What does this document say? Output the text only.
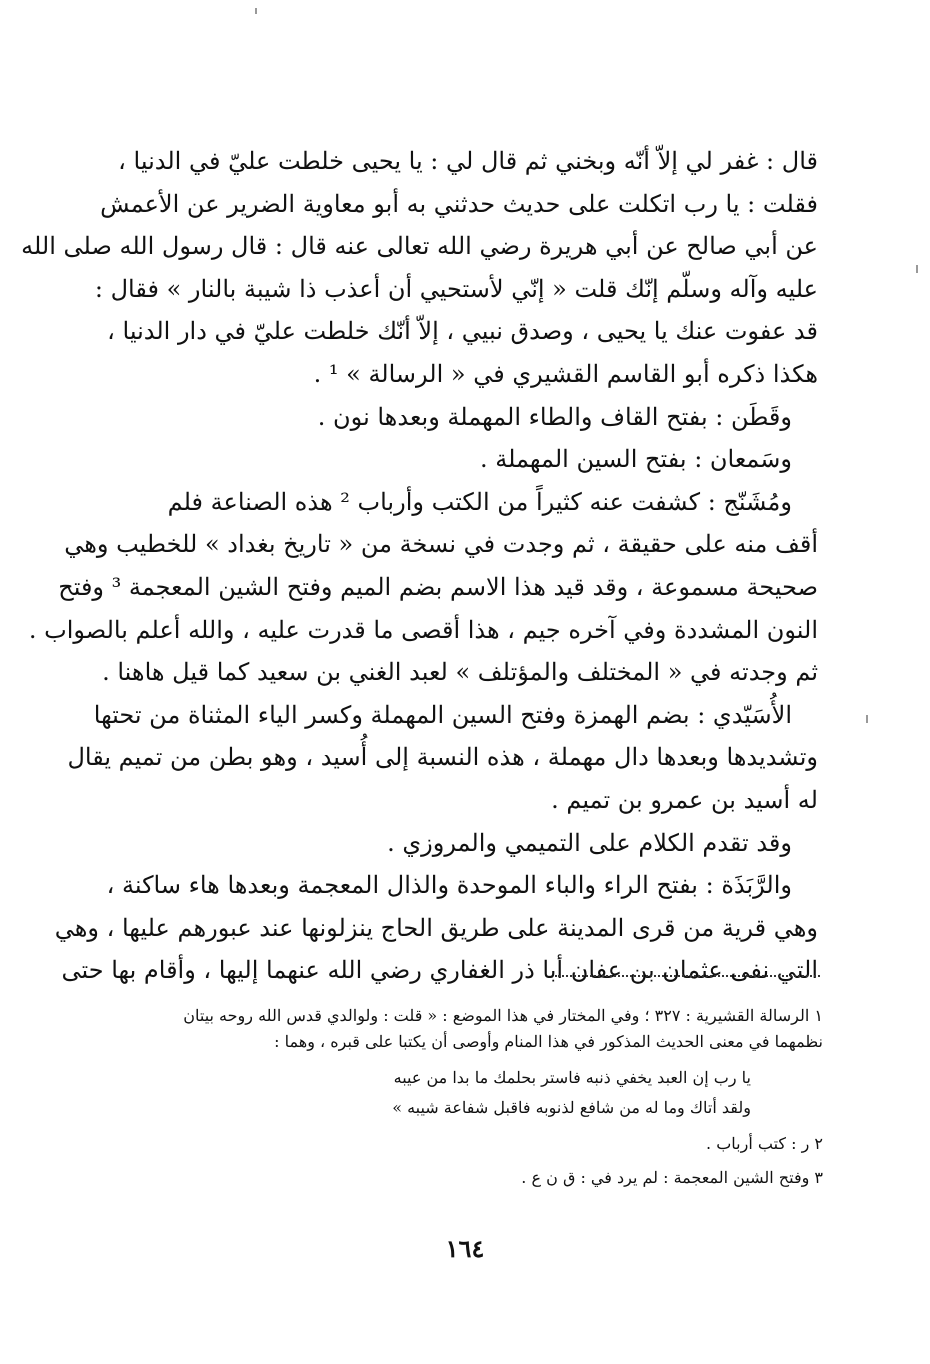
قال : غفر لي إلاّ أنّه وبخني ثم قال لي : يا يحيى خلطت عليّ في الدنيا ،
فقلت : يا رب اتكلت على حديث حدثني به أبو معاوية الضرير عن الأعمش
عن أبي صالح عن أبي هريرة رضي الله تعالى عنه قال : قال رسول الله صلى الله
عليه وآله وسلّم إنّك قلت « إنّي لأستحيي أن أعذب ذا شيبة بالنار » فقال :
قد عفوت عنك يا يحيى ، وصدق نبيي ، إلاّ أنّك خلطت عليّ في دار الدنيا ،
هكذا ذكره أبو القاسم القشيري في « الرسالة » ¹ .
وقَطَن : بفتح القاف والطاء المهملة وبعدها نون .
وسَمعان : بفتح السين المهملة .
ومُشَنّج : كشفت عنه كثيراً من الكتب وأرباب ² هذه الصناعة فلم
أقف منه على حقيقة ، ثم وجدت في نسخة من « تاريخ بغداد » للخطيب وهي
صحيحة مسموعة ، وقد قيد هذا الاسم بضم الميم وفتح الشين المعجمة ³ وفتح
النون المشددة وفي آخره جيم ، هذا أقصى ما قدرت عليه ، والله أعلم بالصواب .
ثم وجدته في « المختلف والمؤتلف » لعبد الغني بن سعيد كما قيل هاهنا .
الأُسَيّدي : بضم الهمزة وفتح السين المهملة وكسر الياء المثناة من تحتها
وتشديدها وبعدها دال مهملة ، هذه النسبة إلى أُسيد ، وهو بطن من تميم يقال
له أسيد بن عمرو بن تميم .
وقد تقدم الكلام على التميمي والمروزي .
والرَّبَذَة : بفتح الراء والباء الموحدة والذال المعجمة وبعدها هاء ساكنة ،
وهي قرية من قرى المدينة على طريق الحاج ينزلونها عند عبورهم عليها ، وهي
التي نفى عثمان بن عفان أبا ذر الغفاري رضي الله عنهما إليها ، وأقام بها حتى
١ الرسالة القشيرية : ٣٢٧ ؛ وفي المختار في هذا الموضع : « قلت : ولوالدي قدس الله روحه بيتان
نظمهما في معنى الحديث المذكور في هذا المنام وأوصى أن يكتبا على قبره ، وهما :
يا رب إن العبد يخفي ذنبه فاستر بحلمك ما بدا من عيبه
ولقد أتاك وما له من شافع لذنوبه فاقبل شفاعة شيبه »
٢ ر : كتب أرباب .
٣ وفتح الشين المعجمة : لم يرد في : ق ن ع .
١٦٤
